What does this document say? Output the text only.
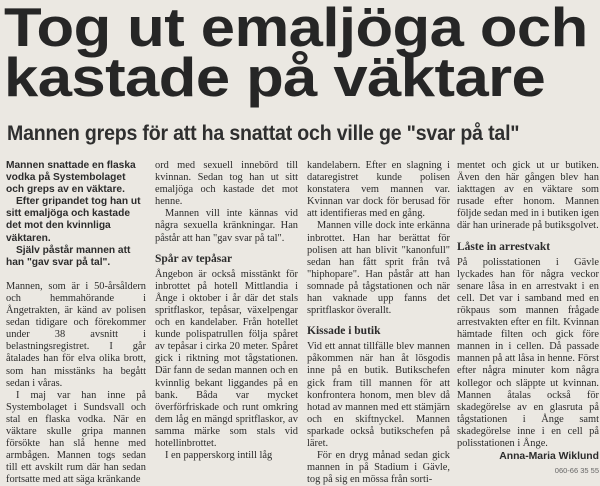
Tog ut emaljöga och
kastade på väktare
Mannen greps för att ha snattat och ville ge "svar på tal"

Mannen snattade en flaska vodka på Systembolaget och greps av en väktare.

Efter gripandet tog han ut sitt emaljöga och kastade det mot den kvinnliga väktaren.

Själv påstår mannen att han "gav svar på tal".

Mannen, som är i 50-årsåldern och hemmahörande i Ångetrakten, är känd av polisen sedan tidigare och förekommer under 38 avsnitt i belastningsregistret. I går åtalades han för elva olika brott, som han misstänks ha begått sedan i våras.

I maj var han inne på Systembolaget i Sundsvall och stal en flaska vodka. När en väktare skulle gripa mannen försökte han slå henne med armbågen. Mannen togs sedan till ett avskilt rum där han sedan fortsatte med att säga kränkande

ord med sexuell innebörd till kvinnan. Sedan tog han ut sitt emaljöga och kastade det mot henne.

Mannen vill inte kännas vid några sexuella kränkningar. Han påstår att han "gav svar på tal".

Spår av tepåsar

Ångebon är också misstänkt för inbrottet på hotell Mittlandia i Ånge i oktober i år där det stals spritflaskor, tepåsar, växelpengar och en kandelaber. Från hotellet kunde polispatrullen följa spåret av tepåsar i cirka 20 meter. Spåret gick i riktning mot tågstationen. Där fann de sedan mannen och en kvinnlig bekant liggandes på en bank. Båda var mycket överförfriskade och runt omkring dem låg en mängd spritflaskor, av samma märke som stals vid hotellinbrottet.

I en papperskorg intill låg

kandelabern. Efter en slagning i dataregistret kunde polisen konstatera vem mannen var. Kvinnan var dock för berusad för att identifieras med en gång.

Mannen ville dock inte erkänna inbrottet. Han har berättat för polisen att han blivit "kanonfull" sedan han fått sprit från två "hiphopare". Han påstår att han somnade på tågstationen och när han vaknade upp fanns det spritflaskor överallt.

Kissade i butik

Vid ett annat tillfälle blev mannen påkommen när han åt lösgodis inne på en butik. Butikschefen gick fram till mannen för att konfrontera honom, men blev då hotad av mannen med ett stämjärn och en skiftnyckel. Mannen sparkade också butikschefen på läret.

För en dryg månad sedan gick mannen in på Stadium i Gävle, tog på sig en mössa från sorti-

mentet och gick ut ur butiken. Även den här gången blev han iakttagen av en väktare som rusade efter honom. Mannen följde sedan med in i butiken igen där han urinerade på butiksgolvet.

Låste in arrestvakt

På polisstationen i Gävle lyckades han för några veckor senare låsa in en arrestvakt i en cell. Det var i samband med en rökpaus som mannen frågade arrestvakten efter en filt. Kvinnan hämtade filten och gick före mannen in i cellen. Då passade mannen på att låsa in henne. Först efter några minuter kom några kollegor och släppte ut kvinnan. Mannen åtalas också för skadegörelse av en glasruta på tågstationen i Ånge samt skadegörelse inne i en cell på polisstationen i Ånge.

Anna-Maria Wiklund
060-66 35 55
